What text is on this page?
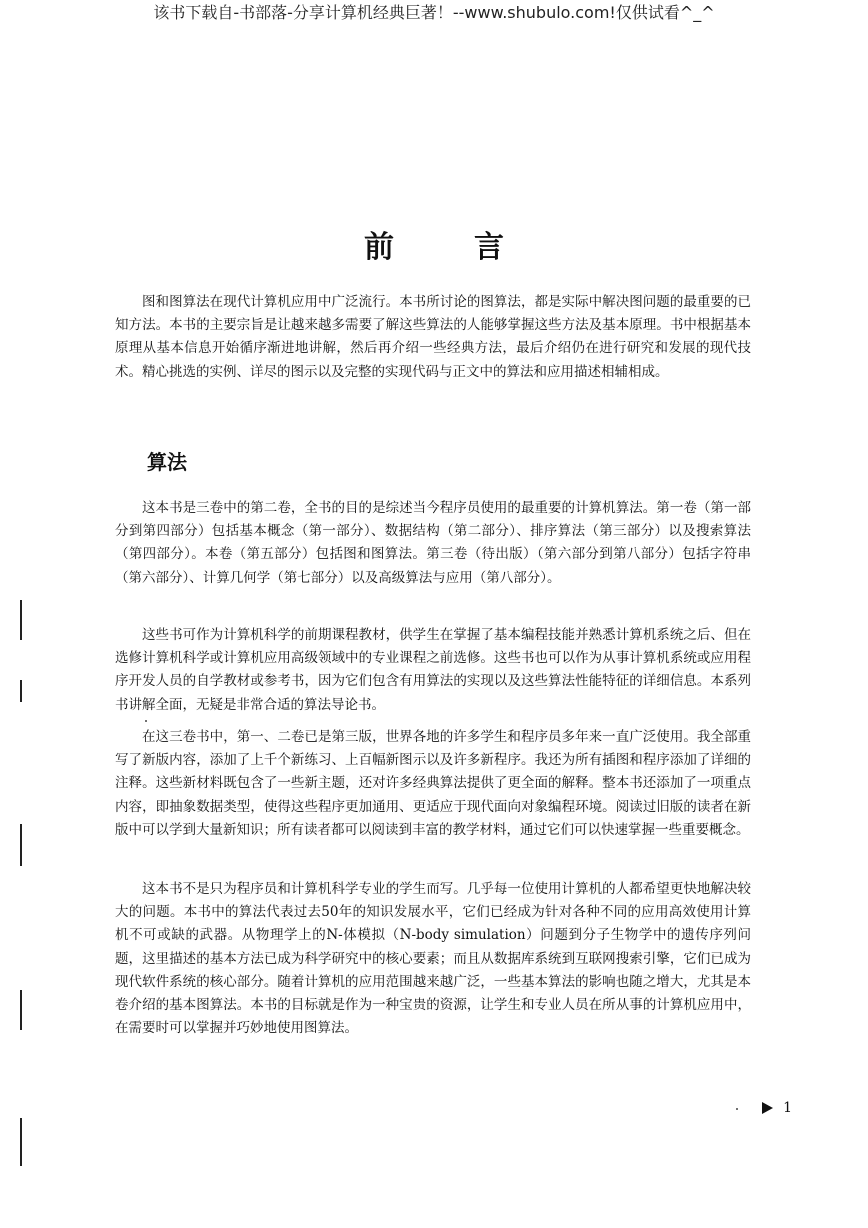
该书下载自-书部落-分享计算机经典巨著！--www.shubulo.com!仅供试看^_^
前言

图和图算法在现代计算机应用中广泛流行。本书所讨论的图算法，都是实际中解决图问题的最重要的已知方法。本书的主要宗旨是让越来越多需要了解这些算法的人能够掌握这些方法及基本原理。书中根据基本原理从基本信息开始循序渐进地讲解，然后再介绍一些经典方法，最后介绍仍在进行研究和发展的现代技术。精心挑选的实例、详尽的图示以及完整的实现代码与正文中的算法和应用描述相辅相成。

算法

这本书是三卷中的第二卷，全书的目的是综述当今程序员使用的最重要的计算机算法。第一卷（第一部分到第四部分）包括基本概念（第一部分）、数据结构（第二部分）、排序算法（第三部分）以及搜索算法（第四部分）。本卷（第五部分）包括图和图算法。第三卷（待出版）（第六部分到第八部分）包括字符串（第六部分）、计算几何学（第七部分）以及高级算法与应用（第八部分）。

这些书可作为计算机科学的前期课程教材，供学生在掌握了基本编程技能并熟悉计算机系统之后、但在选修计算机科学或计算机应用高级领域中的专业课程之前选修。这些书也可以作为从事计算机系统或应用程序开发人员的自学教材或参考书，因为它们包含有用算法的实现以及这些算法性能特征的详细信息。本系列书讲解全面，无疑是非常合适的算法导论书。

在这三卷书中，第一、二卷已是第三版，世界各地的许多学生和程序员多年来一直广泛使用。我全部重写了新版内容，添加了上千个新练习、上百幅新图示以及许多新程序。我还为所有插图和程序添加了详细的注释。这些新材料既包含了一些新主题，还对许多经典算法提供了更全面的解释。整本书还添加了一项重点内容，即抽象数据类型，使得这些程序更加通用、更适应于现代面向对象编程环境。阅读过旧版的读者在新版中可以学到大量新知识；所有读者都可以阅读到丰富的教学材料，通过它们可以快速掌握一些重要概念。

这本书不是只为程序员和计算机科学专业的学生而写。几乎每一位使用计算机的人都希望更快地解决较大的问题。本书中的算法代表过去50年的知识发展水平，它们已经成为针对各种不同的应用高效使用计算机不可或缺的武器。从物理学上的N-体模拟（N-body simulation）问题到分子生物学中的遗传序列问题，这里描述的基本方法已成为科学研究中的核心要素；而且从数据库系统到互联网搜索引擎，它们已成为现代软件系统的核心部分。随着计算机的应用范围越来越广泛，一些基本算法的影响也随之增大，尤其是本卷介绍的基本图算法。本书的目标就是作为一种宝贵的资源，让学生和专业人员在所从事的计算机应用中，在需要时可以掌握并巧妙地使用图算法。

1
